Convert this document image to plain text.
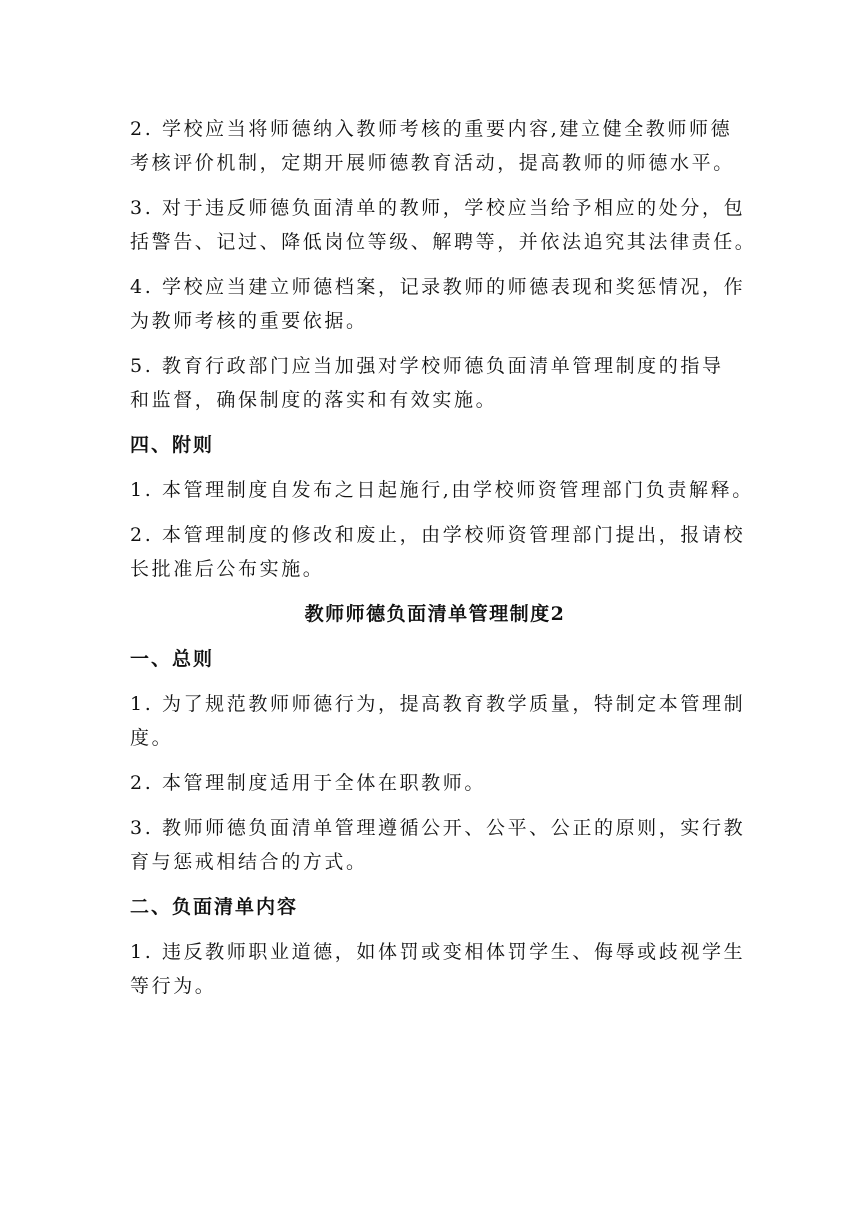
2. 学校应当将师德纳入教师考核的重要内容,建立健全教师师德
考核评价机制，定期开展师德教育活动，提高教师的师德水平。
3. 对于违反师德负面清单的教师，学校应当给予相应的处分，包
括警告、记过、降低岗位等级、解聘等，并依法追究其法律责任。
4. 学校应当建立师德档案，记录教师的师德表现和奖惩情况，作
为教师考核的重要依据。
5. 教育行政部门应当加强对学校师德负面清单管理制度的指导
和监督，确保制度的落实和有效实施。
四、附则
1. 本管理制度自发布之日起施行,由学校师资管理部门负责解释。
2. 本管理制度的修改和废止，由学校师资管理部门提出，报请校
长批准后公布实施。
教师师德负面清单管理制度2
一、总则
1. 为了规范教师师德行为，提高教育教学质量，特制定本管理制
度。
2. 本管理制度适用于全体在职教师。
3. 教师师德负面清单管理遵循公开、公平、公正的原则，实行教
育与惩戒相结合的方式。
二、负面清单内容
1. 违反教师职业道德，如体罚或变相体罚学生、侮辱或歧视学生
等行为。
